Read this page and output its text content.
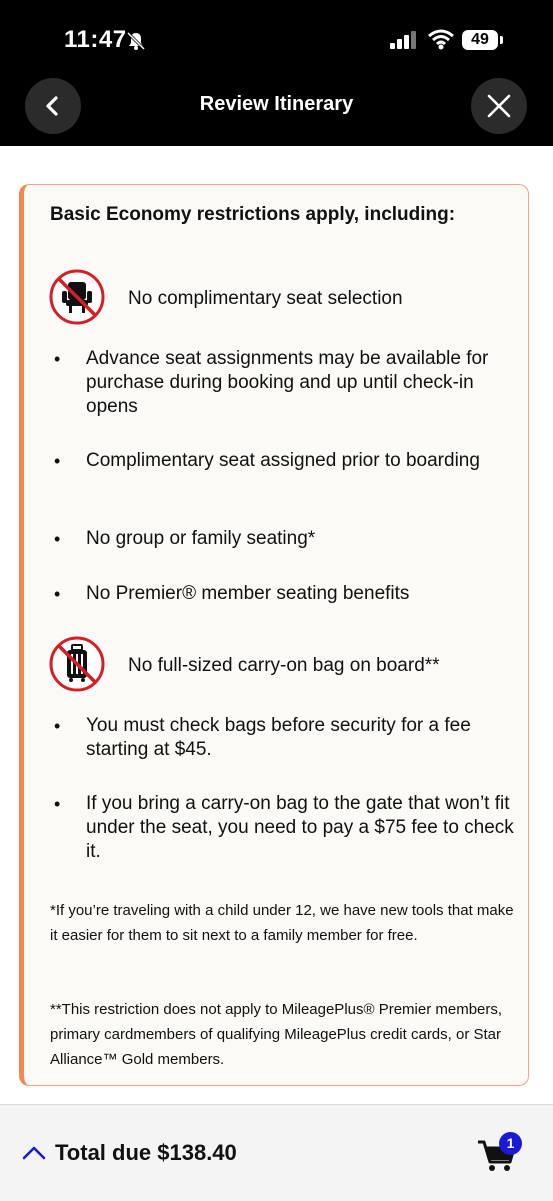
11:47	49
Review Itinerary
Basic Economy restrictions apply, including:
No complimentary seat selection
• Advance seat assignments may be available for purchase during booking and up until check-in opens
• Complimentary seat assigned prior to boarding
• No group or family seating*
• No Premier® member seating benefits
No full-sized carry-on bag on board**
• You must check bags before security for a fee starting at $45.
• If you bring a carry-on bag to the gate that won’t fit under the seat, you need to pay a $75 fee to check it.
*If you’re traveling with a child under 12, we have new tools that make it easier for them to sit next to a family member for free.
**This restriction does not apply to MileagePlus® Premier members, primary cardmembers of qualifying MileagePlus credit cards, or Star Alliance™ Gold members.
Total due $138.40	1
